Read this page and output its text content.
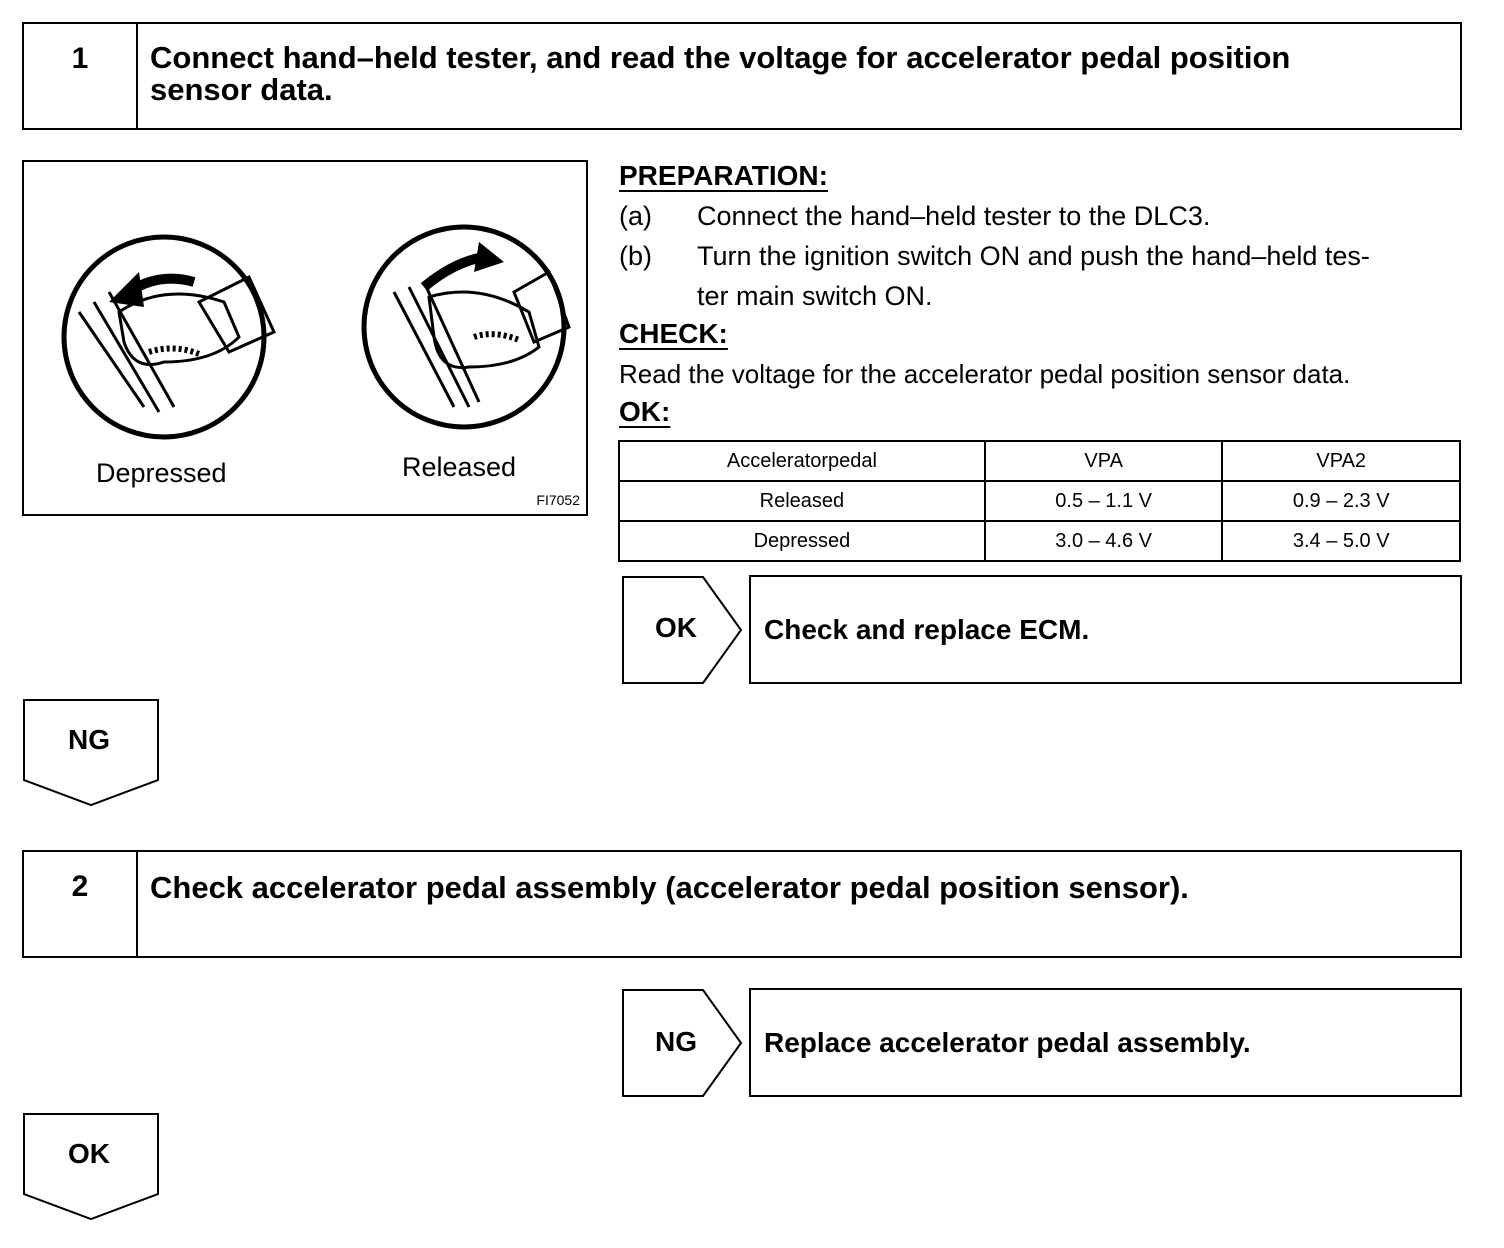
1	Connect hand–held tester, and read the voltage for accelerator pedal position
sensor data.
Depressed	Released
FI7052
PREPARATION:
(a) Connect the hand–held tester to the DLC3.
(b) Turn the ignition switch ON and push the hand–held tes-
ter main switch ON.
CHECK:
Read the voltage for the accelerator pedal position sensor data.
OK:
Acceleratorpedal	VPA	VPA2
Released	0.5 – 1.1 V	0.9 – 2.3 V
Depressed	3.0 – 4.6 V	3.4 – 5.0 V
OK	Check and replace ECM.
NG
2	Check accelerator pedal assembly (accelerator pedal position sensor).
NG	Replace accelerator pedal assembly.
OK
